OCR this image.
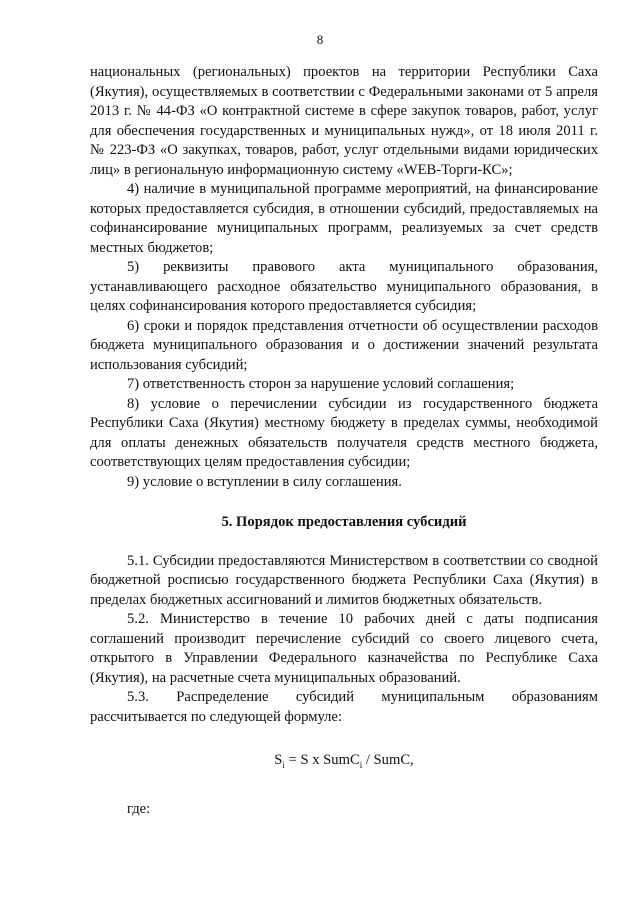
8

национальных (региональных) проектов на территории Республики Саха (Якутия), осуществляемых в соответствии с Федеральными законами от 5 апреля 2013 г. № 44-ФЗ «О контрактной системе в сфере закупок товаров, работ, услуг для обеспечения государственных и муниципальных нужд», от 18 июля 2011 г. № 223-ФЗ «О закупках, товаров, работ, услуг отдельными видами юридических лиц» в региональную информационную систему «WEB-Торги-КС»;

4) наличие в муниципальной программе мероприятий, на финансирование которых предоставляется субсидия, в отношении субсидий, предоставляемых на софинансирование муниципальных программ, реализуемых за счет средств местных бюджетов;

5) реквизиты правового акта муниципального образования, устанавливающего расходное обязательство муниципального образования, в целях софинансирования которого предоставляется субсидия;

6) сроки и порядок представления отчетности об осуществлении расходов бюджета муниципального образования и о достижении значений результата использования субсидий;

7) ответственность сторон за нарушение условий соглашения;

8) условие о перечислении субсидии из государственного бюджета Республики Саха (Якутия) местному бюджету в пределах суммы, необходимой для оплаты денежных обязательств получателя средств местного бюджета, соответствующих целям предоставления субсидии;

9) условие о вступлении в силу соглашения.

5. Порядок предоставления субсидий

5.1. Субсидии предоставляются Министерством в соответствии со сводной бюджетной росписью государственного бюджета Республики Саха (Якутия) в пределах бюджетных ассигнований и лимитов бюджетных обязательств.

5.2. Министерство в течение 10 рабочих дней с даты подписания соглашений производит перечисление субсидий со своего лицевого счета, открытого в Управлении Федерального казначейства по Республике Саха (Якутия), на расчетные счета муниципальных образований.

5.3. Распределение субсидий муниципальным образованиям рассчитывается по следующей формуле:

$S_i = S$ x SumC$_i$ / SumC,

где:
